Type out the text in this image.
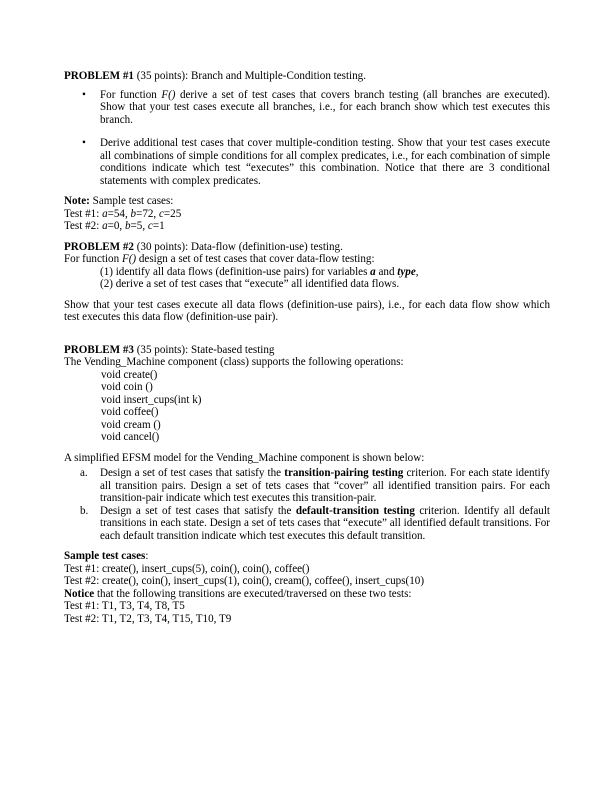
PROBLEM #1 (35 points): Branch and Multiple-Condition testing.

• For function F() derive a set of test cases that covers branch testing (all branches are executed). Show that your test cases execute all branches, i.e., for each branch show which test executes this branch.
• Derive additional test cases that cover multiple-condition testing. Show that your test cases execute all combinations of simple conditions for all complex predicates, i.e., for each combination of simple conditions indicate which test “executes” this combination. Notice that there are 3 conditional statements with complex predicates.

Note: Sample test cases:

Test #1: a=54, b=72, c=25

Test #2: a=0, b=5, c=1

PROBLEM #2 (30 points): Data-flow (definition-use) testing.

For function F() design a set of test cases that cover data-flow testing:

(1) identify all data flows (definition-use pairs) for variables a and type,

(2) derive a set of test cases that “execute” all identified data flows.

Show that your test cases execute all data flows (definition-use pairs), i.e., for each data flow show which test executes this data flow (definition-use pair).

PROBLEM #3 (35 points): State-based testing

The Vending_Machine component (class) supports the following operations:

void create()

void coin ()

void insert_cups(int k)

void coffee()

void cream ()

void cancel()

A simplified EFSM model for the Vending_Machine component is shown below:

a. Design a set of test cases that satisfy the transition-pairing testing criterion. For each state identify all transition pairs. Design a set of tets cases that “cover” all identified transition pairs. For each transition-pair indicate which test executes this transition-pair.
b. Design a set of test cases that satisfy the default-transition testing criterion. Identify all default transitions in each state. Design a set of tets cases that “execute” all identified default transitions. For each default transition indicate which test executes this default transition.

Sample test cases:

Test #1: create(), insert_cups(5), coin(), coin(), coffee()

Test #2: create(), coin(), insert_cups(1), coin(), cream(), coffee(), insert_cups(10)

Notice that the following transitions are executed/traversed on these two tests:

Test #1: T1, T3, T4, T8, T5

Test #2: T1, T2, T3, T4, T15, T10, T9
